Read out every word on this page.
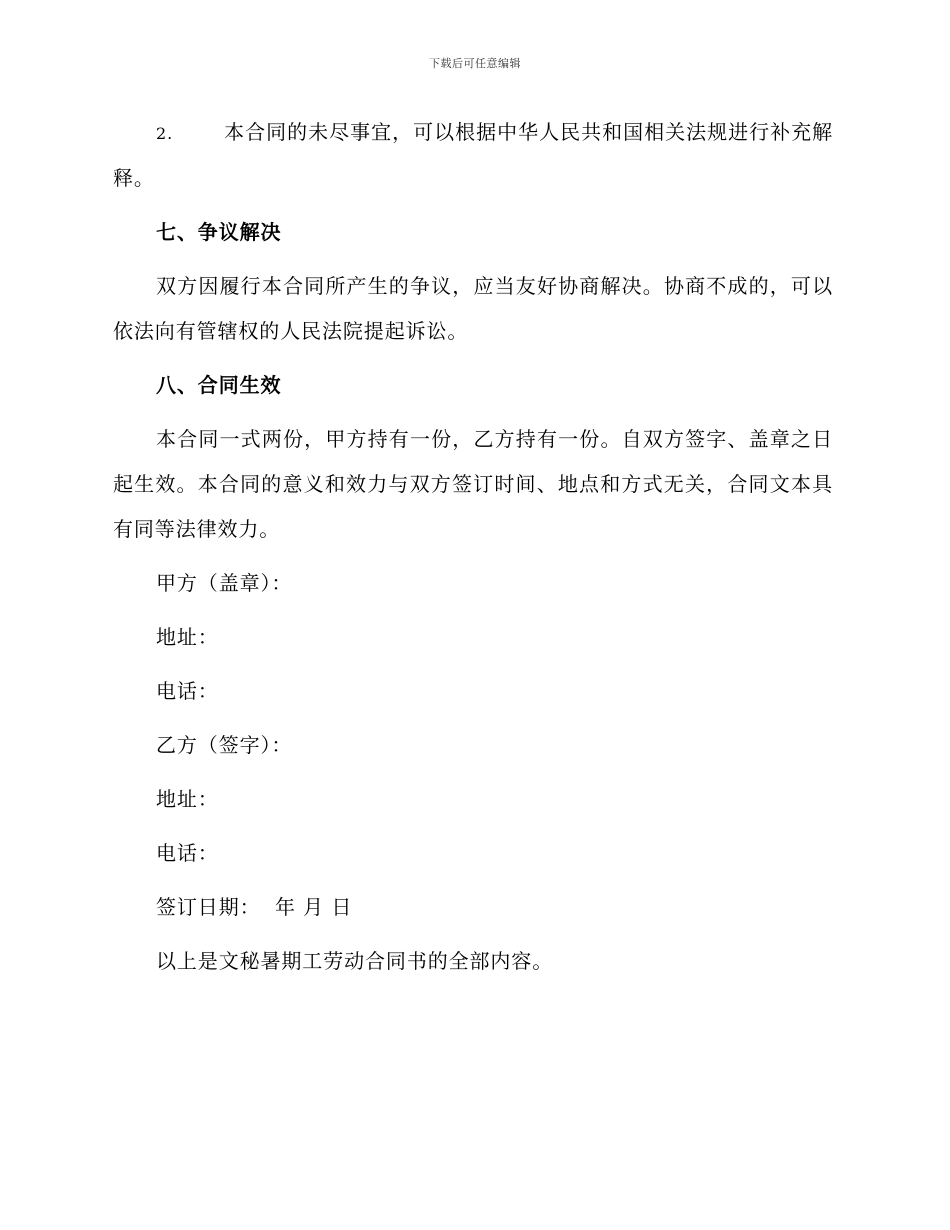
下载后可任意编辑

2.	本合同的未尽事宜，可以根据中华人民共和国相关法规进行补充解释。

七、争议解决

双方因履行本合同所产生的争议，应当友好协商解决。协商不成的，可以依法向有管辖权的人民法院提起诉讼。

八、合同生效

本合同一式两份，甲方持有一份，乙方持有一份。自双方签字、盖章之日起生效。本合同的意义和效力与双方签订时间、地点和方式无关，合同文本具有同等法律效力。

甲方（盖章）：

地址：

电话：

乙方（签字）：

地址：

电话：

签订日期：  年 月 日

以上是文秘暑期工劳动合同书的全部内容。
